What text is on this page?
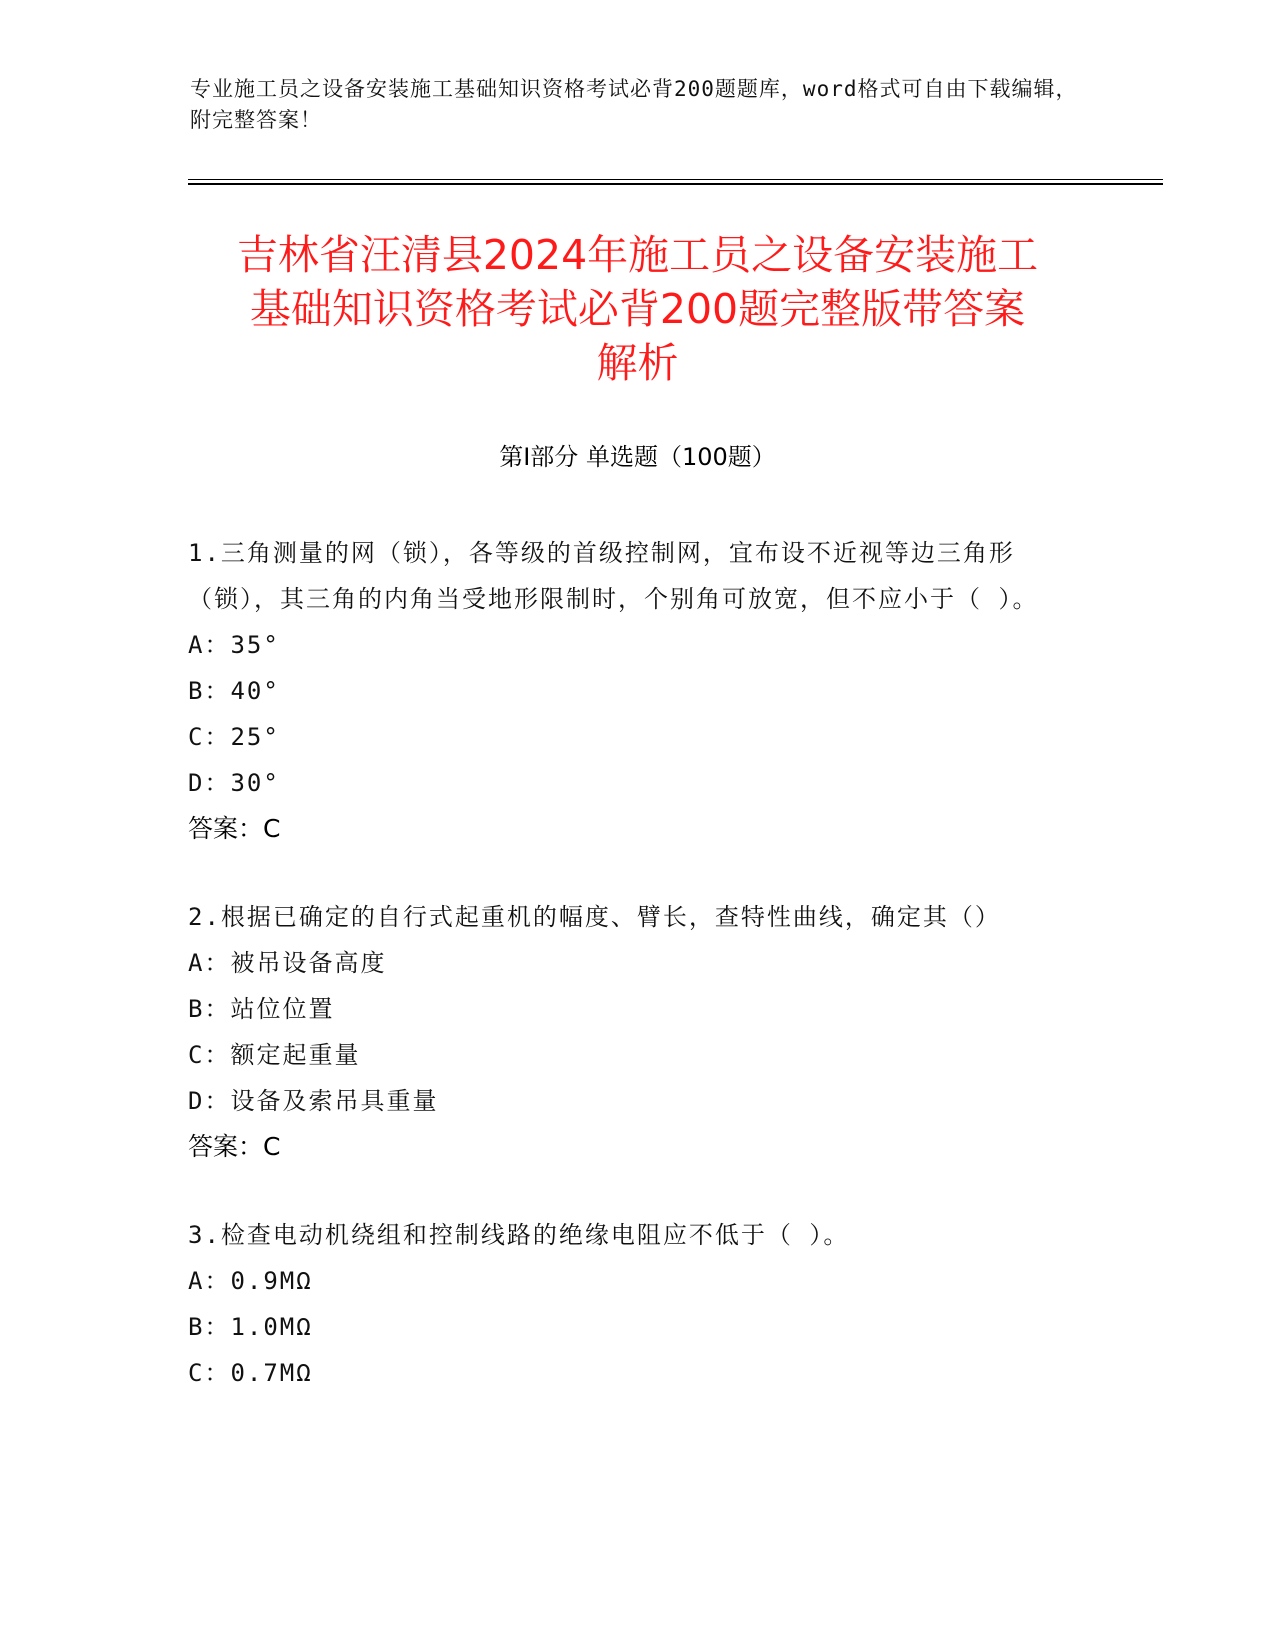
专业施工员之设备安装施工基础知识资格考试必背200题题库，word格式可自由下载编辑，附完整答案！
吉林省汪清县2024年施工员之设备安装施工
基础知识资格考试必背200题完整版带答案
解析
第Ⅰ部分 单选题（100题）
1.三角测量的网（锁），各等级的首级控制网，宜布设不近视等边三角形（锁），其三角的内角当受地形限制时，个别角可放宽，但不应小于（ ）。
A：35°
B：40°
C：25°
D：30°
答案：C
2.根据已确定的自行式起重机的幅度、臂长，查特性曲线，确定其（）
A：被吊设备高度
B：站位位置
C：额定起重量
D：设备及索吊具重量
答案：C
3.检查电动机绕组和控制线路的绝缘电阻应不低于（ ）。
A：0.9MΩ
B：1.0MΩ
C：0.7MΩ
